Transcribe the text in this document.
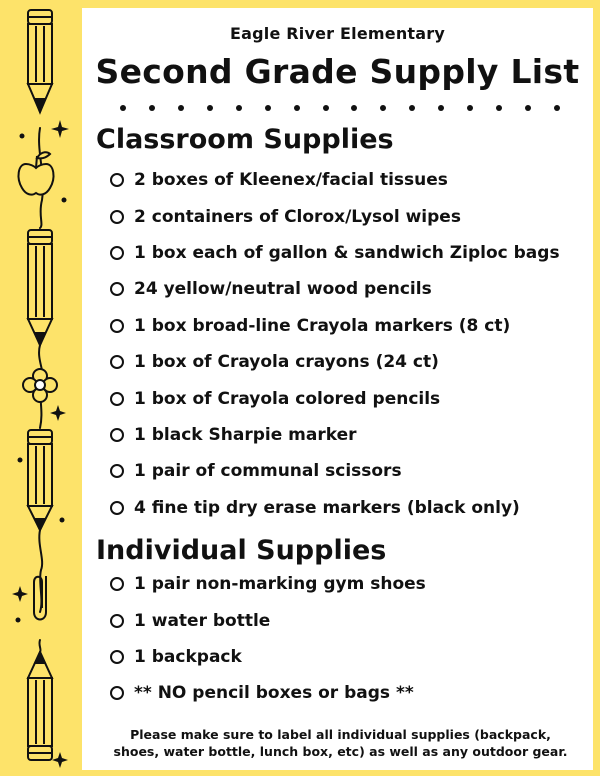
Eagle River Elementary
Second Grade Supply List
Classroom Supplies
2 boxes of Kleenex/facial tissues
2 containers of Clorox/Lysol wipes
1 box each of gallon & sandwich Ziploc bags
24 yellow/neutral wood pencils
1 box broad-line Crayola markers (8 ct)
1 box of Crayola crayons (24 ct)
1 box of Crayola colored pencils
1 black Sharpie marker
1 pair of communal scissors
4 fine tip dry erase markers (black only)
Individual Supplies
1 pair non-marking gym shoes
1 water bottle
1 backpack
** NO pencil boxes or bags **
Please make sure to label all individual supplies (backpack,
shoes, water bottle, lunch box, etc) as well as any outdoor gear.
